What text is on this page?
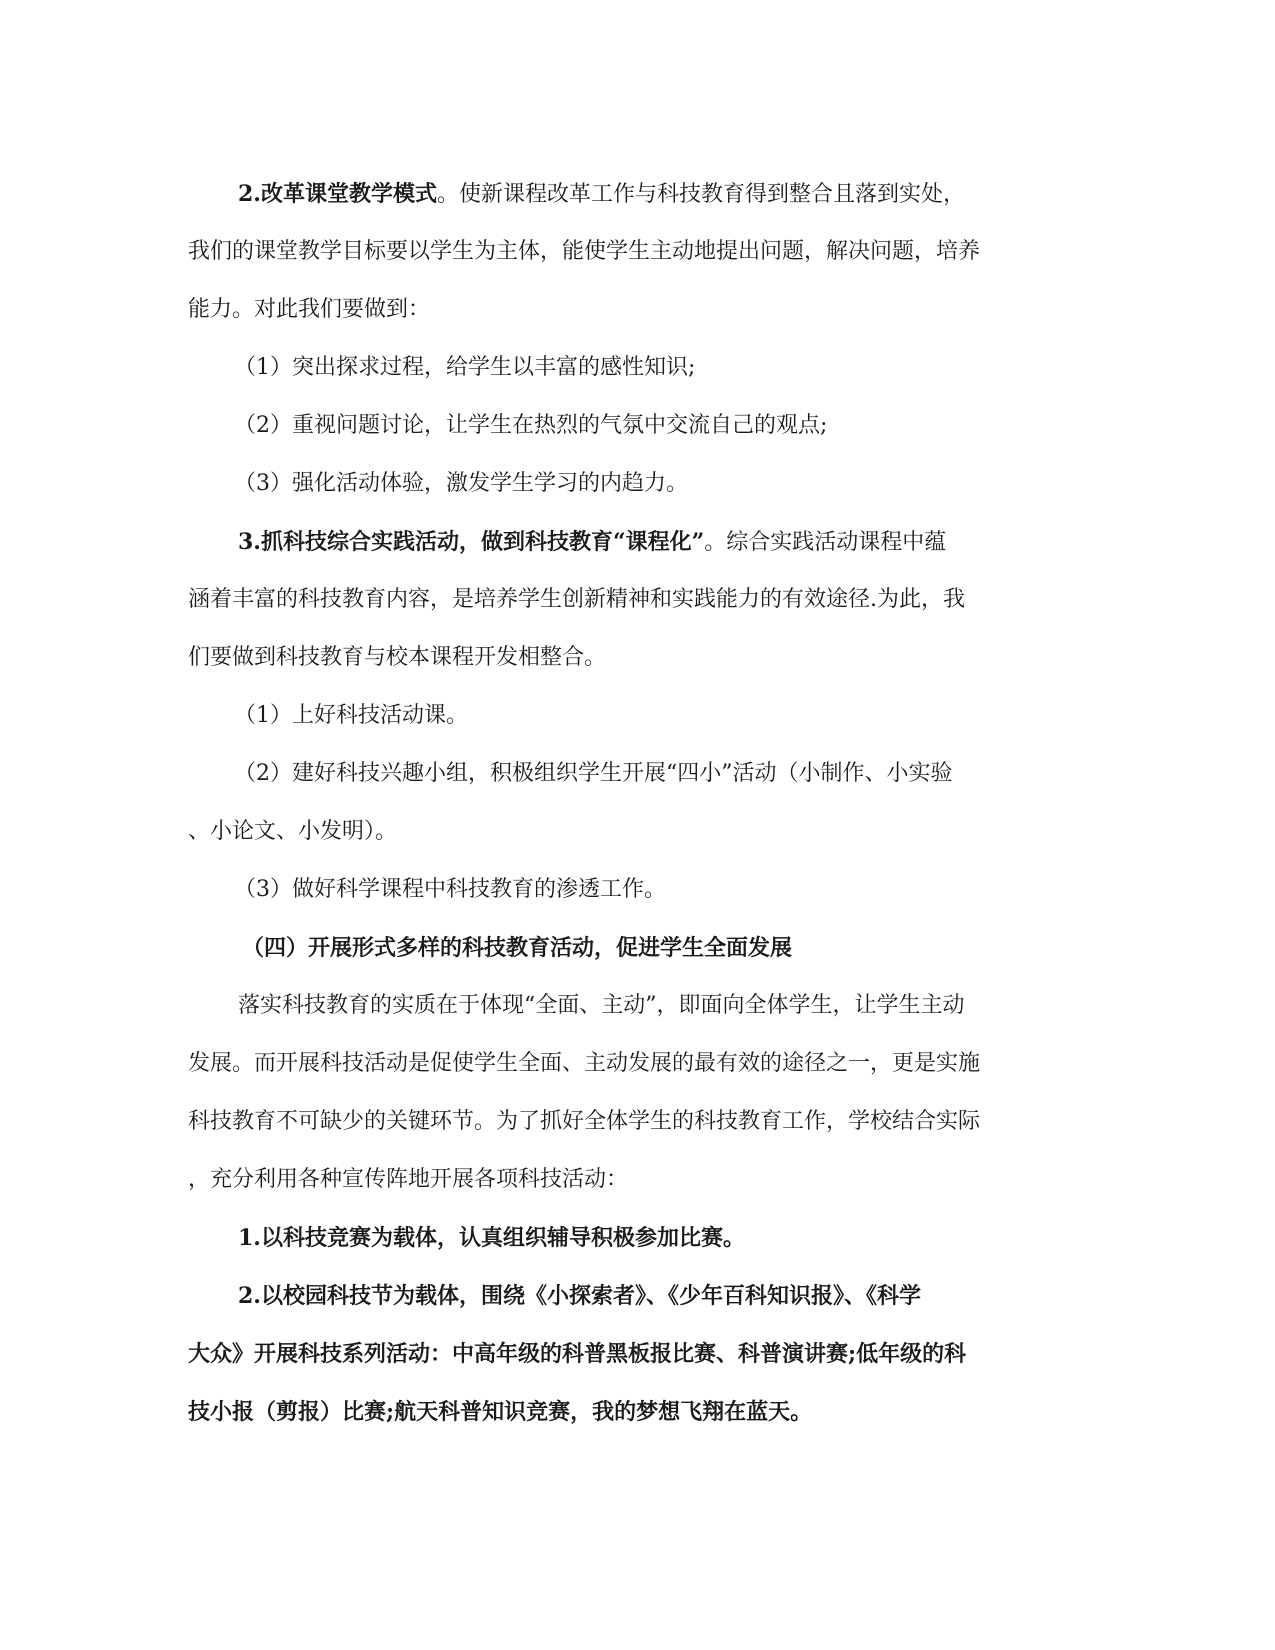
2.改革课堂教学模式。使新课程改革工作与科技教育得到整合且落到实处，
我们的课堂教学目标要以学生为主体，能使学生主动地提出问题，解决问题，培养
能力。对此我们要做到：
（1）突出探求过程，给学生以丰富的感性知识;
（2）重视问题讨论，让学生在热烈的气氛中交流自己的观点;
（3）强化活动体验，激发学生学习的内趋力。
3.抓科技综合实践活动，做到科技教育“课程化”。综合实践活动课程中蕴
涵着丰富的科技教育内容，是培养学生创新精神和实践能力的有效途径.为此，我
们要做到科技教育与校本课程开发相整合。
（1）上好科技活动课。
（2）建好科技兴趣小组，积极组织学生开展“四小”活动（小制作、小实验
、小论文、小发明）。
（3）做好科学课程中科技教育的渗透工作。
（四）开展形式多样的科技教育活动，促进学生全面发展
落实科技教育的实质在于体现“全面、主动”，即面向全体学生，让学生主动
发展。而开展科技活动是促使学生全面、主动发展的最有效的途径之一，更是实施
科技教育不可缺少的关键环节。为了抓好全体学生的科技教育工作，学校结合实际
，充分利用各种宣传阵地开展各项科技活动：
1.以科技竞赛为载体，认真组织辅导积极参加比赛。
2.以校园科技节为载体，围绕《小探索者》、《少年百科知识报》、《科学
大众》开展科技系列活动：中高年级的科普黑板报比赛、科普演讲赛;低年级的科
技小报（剪报）比赛;航天科普知识竞赛，我的梦想飞翔在蓝天。
